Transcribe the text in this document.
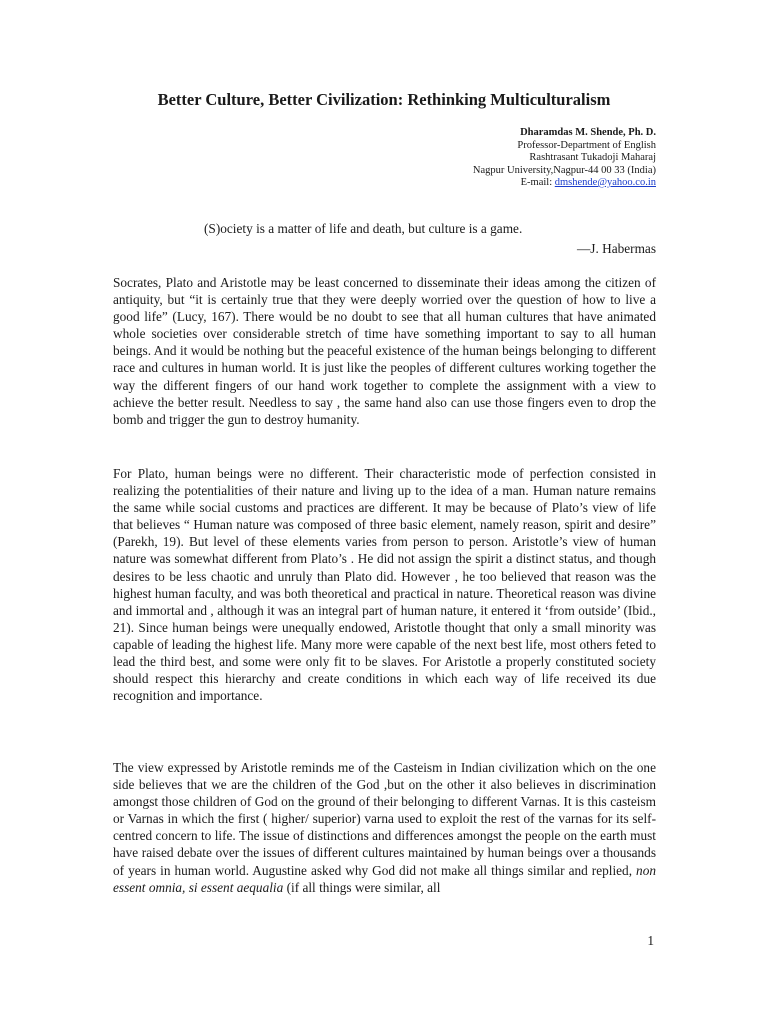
Better Culture, Better Civilization: Rethinking Multiculturalism
Dharamdas M. Shende, Ph. D.
Professor-Department of English
Rashtrasant Tukadoji Maharaj
Nagpur University,Nagpur-44 00 33 (India)
E-mail: dmshende@yahoo.co.in
(S)ociety is a matter of life and death, but culture is a game.
—J. Habermas

Socrates, Plato and Aristotle may be least concerned to disseminate their ideas among the citizen of antiquity, but “it is certainly true that they were deeply worried over the question of how to live a good life” (Lucy, 167). There would be no doubt to see that all human cultures that have animated whole societies over considerable stretch of time have something important to say to all human beings. And it would be nothing but the peaceful existence of the human beings belonging to different race and cultures in human world. It is just like the peoples of different cultures working together the way the different fingers of our hand work together to complete the assignment with a view to achieve the better result. Needless to say , the same hand also can use those fingers even to drop the bomb and trigger the gun to destroy humanity.

For Plato, human beings were no different. Their characteristic mode of perfection consisted in realizing the potentialities of their nature and living up to the idea of a man. Human nature remains the same while social customs and practices are different. It may be because of Plato’s view of life that believes “ Human nature was composed of three basic element, namely reason, spirit and desire” (Parekh, 19). But level of these elements varies from person to person. Aristotle’s view of human nature was somewhat different from Plato’s . He did not assign the spirit a distinct status, and though desires to be less chaotic and unruly than Plato did. However , he too believed that reason was the highest human faculty, and was both theoretical and practical in nature. Theoretical reason was divine and immortal and , although it was an integral part of human nature, it entered it ‘from outside’ (Ibid., 21). Since human beings were unequally endowed, Aristotle thought that only a small minority was capable of leading the highest life. Many more were capable of the next best life, most others feted to lead the third best, and some were only fit to be slaves. For Aristotle a properly constituted society should respect this hierarchy and create conditions in which each way of life received its due recognition and importance.

The view expressed by Aristotle reminds me of the Casteism in Indian civilization which on the one side believes that we are the children of the God ,but on the other it also believes in discrimination amongst those children of God on the ground of their belonging to different Varnas. It is this casteism or Varnas in which the first ( higher/ superior) varna used to exploit the rest of the varnas for its self-centred concern to life. The issue of distinctions and differences amongst the people on the earth must have raised debate over the issues of different cultures maintained by human beings over a thousands of years in human world. Augustine asked why God did not make all things similar and replied, non essent omnia, si essent aequalia (if all things were similar, all

1
